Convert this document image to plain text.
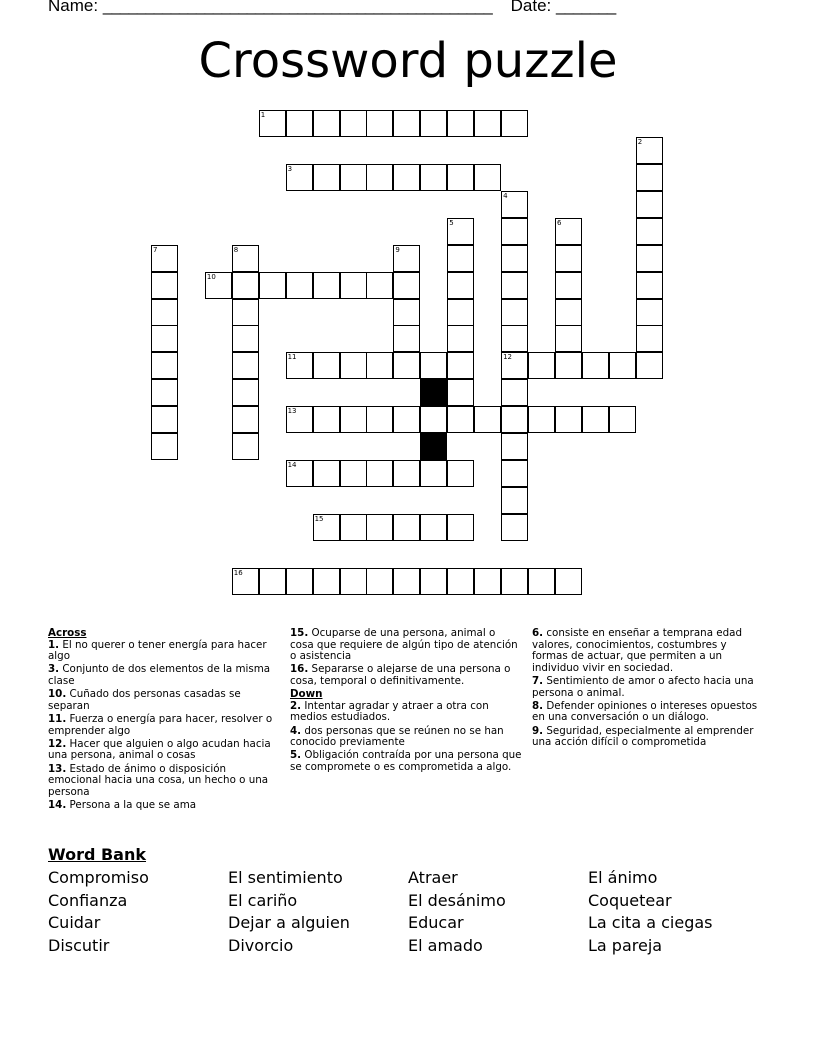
Name: ______________________________________________ Date: _______
Crossword puzzle
1
3
10
11	12
13
14
15
16
2
4
5	6
7	8	9

Across

1. El no querer o tener energía para hacer algo

3. Conjunto de dos elementos de la misma clase

10. Cuñado dos personas casadas se separan

11. Fuerza o energía para hacer, resolver o emprender algo

12. Hacer que alguien o algo acudan hacia una persona, animal o cosas

13. Estado de ánimo o disposición emocional hacia una cosa, un hecho o una persona

14. Persona a la que se ama

15. Ocuparse de una persona, animal o cosa que requiere de algún tipo de atención o asistencia

16. Separarse o alejarse de una persona o cosa, temporal o definitivamente.

Down

2. Intentar agradar y atraer a otra con medios estudiados.

4. dos personas que se reúnen no se han conocido previamente

5. Obligación contraída por una persona que se compromete o es comprometida a algo.

6. consiste en enseñar a temprana edad valores, conocimientos, costumbres y formas de actuar, que permiten a un individuo vivir en sociedad.

7. Sentimiento de amor o afecto hacia una persona o animal.

8. Defender opiniones o intereses opuestos en una conversación o un diálogo.

9. Seguridad, especialmente al emprender una acción difícil o comprometida

Word Bank
Compromiso	El sentimiento	Atraer	El ánimo
Confianza	El cariño	El desánimo	Coquetear
Cuidar	Dejar a alguien	Educar	La cita a ciegas
Discutir	Divorcio	El amado	La pareja
